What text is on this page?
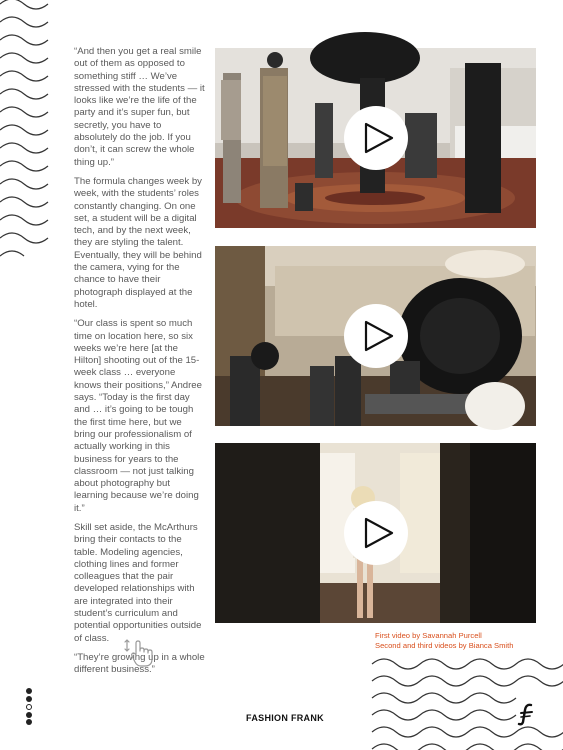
“And then you get a real smile out of them as opposed to something stiff … We’ve stressed with the students — it looks like we’re the life of the party and it’s super fun, but secretly, you have to absolutely do the job. If you don’t, it can screw the whole thing up.”

The formula changes week by week, with the students’ roles constantly changing. On one set, a student will be a digital tech, and by the next week, they are styling the talent. Eventually, they will be behind the camera, vying for the chance to have their photograph displayed at the hotel.

“Our class is spent so much time on location here, so six weeks we’re here [at the Hilton] shooting out of the 15-week class … everyone knows their positions,” Andree says. “Today is the first day and … it’s going to be tough the first time here, but we bring our professionalism of actually working in this business for years to the classroom — not just talking about photography but learning because we’re doing it.”

Skill set aside, the McArthurs bring their contacts to the table. Modeling agencies, clothing lines and former colleagues that the pair developed relationships with are integrated into their student’s curriculum and potential opportunities outside of class.

“They’re growing up in a whole different business.”

First video by Savannah Purcell
Second and third videos by Bianca Smith
FASHION FRANK
